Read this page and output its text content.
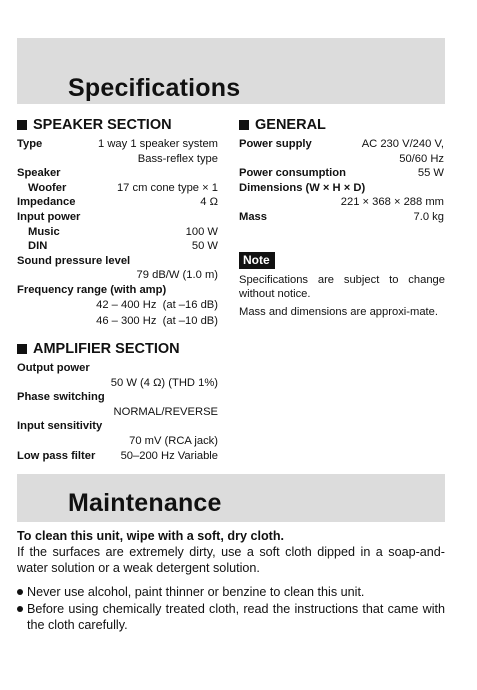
Specifications
SPEAKER SECTION
Type	1 way 1 speaker system
Bass-reflex type
Speaker
Woofer	17 cm cone type × 1
Impedance	4 Ω
Input power
Music	100 W
DIN	50 W
Sound pressure level
79 dB/W (1.0 m)
Frequency range (with amp)
42 – 400 Hz  (at –16 dB)
46 – 300 Hz  (at –10 dB)
AMPLIFIER SECTION
Output power
50 W (4 Ω) (THD 1%)
Phase switching
NORMAL/REVERSE
Input sensitivity
70 mV (RCA jack)
Low pass filter 50–200 Hz Variable
GENERAL
Power supply	AC 230 V/240 V,
50/60 Hz
Power consumption	55 W
Dimensions (W × H × D)
221 × 368 × 288 mm
Mass	7.0 kg
Note

Specifications are subject to change without notice.

Mass and dimensions are approxi-mate.

Maintenance

To clean this unit, wipe with a soft, dry cloth.

If the surfaces are extremely dirty, use a soft cloth dipped in a soap-and-water solution or a weak detergent solution.

Never use alcohol, paint thinner or benzine to clean this unit.
Before using chemically treated cloth, read the instructions that came with the cloth carefully.
